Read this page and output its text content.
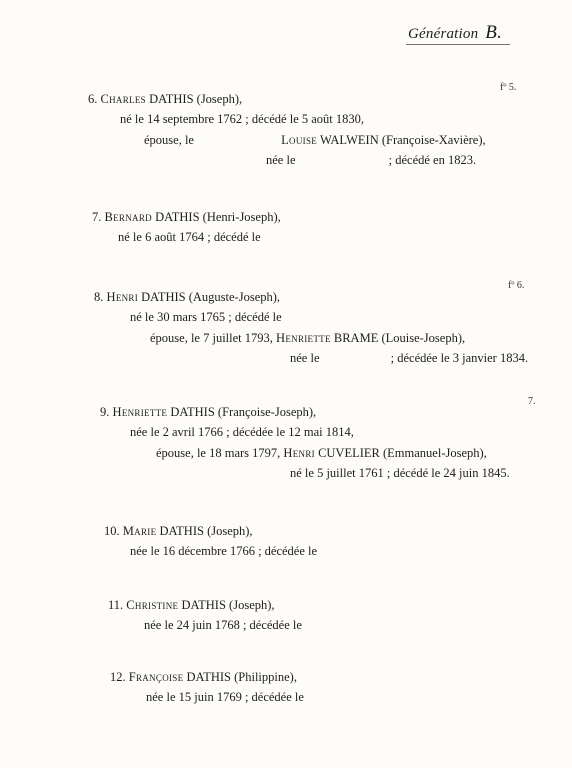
Génération B.
6. Charles DATHIS (Joseph),
fº 5.
né le 14 septembre 1762 ; décédé le 5 août 1830,
épouse, le	Louise WALWEIN (Françoise-Xavière),
née le	; décédé en 1823.
7. Bernard DATHIS (Henri-Joseph),
né le 6 août 1764 ; décédé le
8. Henri DATHIS (Auguste-Joseph),
fº 6.
né le 30 mars 1765 ; décédé le
épouse, le 7 juillet 1793, Henriette BRAME (Louise-Joseph),
née le	; décédée le 3 janvier 1834.
9. Henriette DATHIS (Françoise-Joseph),
7.
née le 2 avril 1766 ; décédée le 12 mai 1814,
épouse, le 18 mars 1797, Henri CUVELIER (Emmanuel-Joseph),
né le 5 juillet 1761 ; décédé le 24 juin 1845.
10. Marie DATHIS (Joseph),
née le 16 décembre 1766 ; décédée le
11. Christine DATHIS (Joseph),
née le 24 juin 1768 ; décédée le
12. Françoise DATHIS (Philippine),
née le 15 juin 1769 ; décédée le
